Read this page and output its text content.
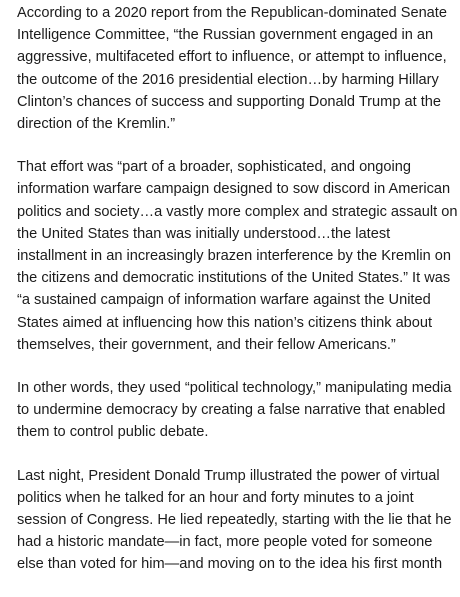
According to a 2020 report from the Republican-dominated Senate
Intelligence Committee, “the Russian government engaged in an
aggressive, multifaceted effort to influence, or attempt to influence,
the outcome of the 2016 presidential election…by harming Hillary
Clinton’s chances of success and supporting Donald Trump at the
direction of the Kremlin.”

That effort was “part of a broader, sophisticated, and ongoing
information warfare campaign designed to sow discord in American
politics and society…a vastly more complex and strategic assault on
the United States than was initially understood…the latest
installment in an increasingly brazen interference by the Kremlin on
the citizens and democratic institutions of the United States.” It was
“a sustained campaign of information warfare against the United
States aimed at influencing how this nation’s citizens think about
themselves, their government, and their fellow Americans.”

In other words, they used “political technology,” manipulating media
to undermine democracy by creating a false narrative that enabled
them to control public debate.

Last night, President Donald Trump illustrated the power of virtual
politics when he talked for an hour and forty minutes to a joint
session of Congress. He lied repeatedly, starting with the lie that he
had a historic mandate—in fact, more people voted for someone
else than voted for him—and moving on to the idea his first month
